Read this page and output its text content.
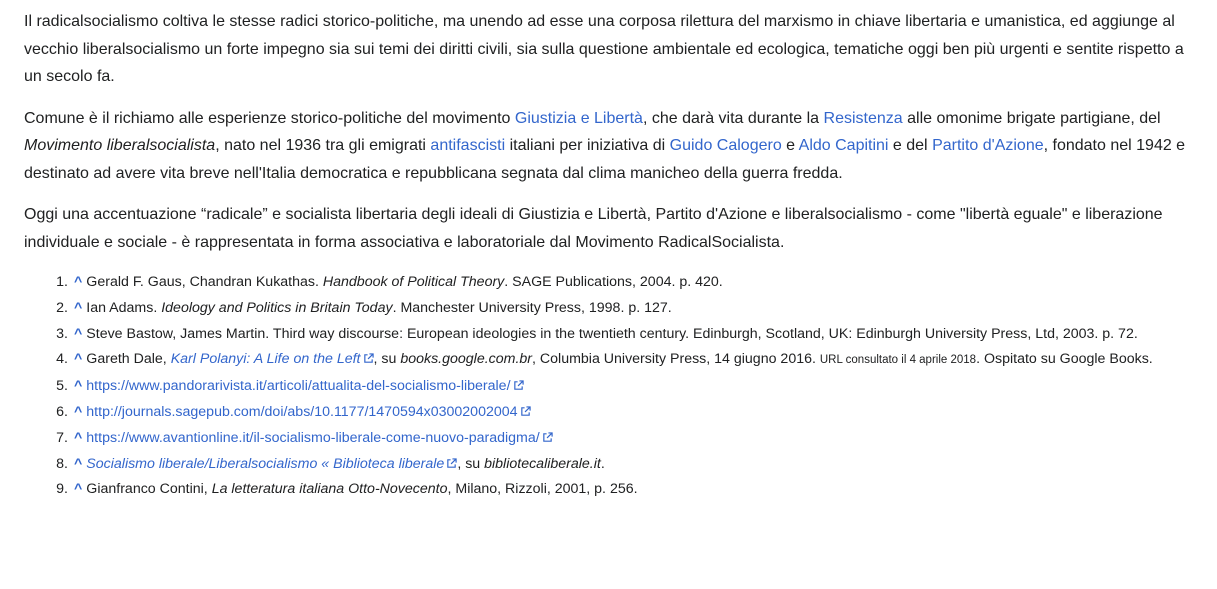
Il radicalsocialismo coltiva le stesse radici storico-politiche, ma unendo ad esse una corposa rilettura del marxismo in chiave libertaria e umanistica, ed aggiunge al vecchio liberalsocialismo un forte impegno sia sui temi dei diritti civili, sia sulla questione ambientale ed ecologica, tematiche oggi ben più urgenti e sentite rispetto a un secolo fa.

Comune è il richiamo alle esperienze storico-politiche del movimento Giustizia e Libertà, che darà vita durante la Resistenza alle omonime brigate partigiane, del Movimento liberalsocialista, nato nel 1936 tra gli emigrati antifascisti italiani per iniziativa di Guido Calogero e Aldo Capitini e del Partito d'Azione, fondato nel 1942 e destinato ad avere vita breve nell'Italia democratica e repubblicana segnata dal clima manicheo della guerra fredda.

Oggi una accentuazione “radicale” e socialista libertaria degli ideali di Giustizia e Libertà, Partito d'Azione e liberalsocialismo - come "libertà eguale" e liberazione individuale e sociale - è rappresentata in forma associativa e laboratoriale dal Movimento RadicalSocialista.

1. ^ Gerald F. Gaus, Chandran Kukathas. Handbook of Political Theory. SAGE Publications, 2004. p. 420.
2. ^ Ian Adams. Ideology and Politics in Britain Today. Manchester University Press, 1998. p. 127.
3. ^ Steve Bastow, James Martin. Third way discourse: European ideologies in the twentieth century. Edinburgh, Scotland, UK: Edinburgh University Press, Ltd, 2003. p. 72.
4. ^ Gareth Dale, Karl Polanyi: A Life on the Left , su books.google.com.br, Columbia University Press, 14 giugno 2016. URL consultato il 4 aprile 2018. Ospitato su Google Books.
5. ^ https://www.pandorarivista.it/articoli/attualita-del-socialismo-liberale/
6. ^ http://journals.sagepub.com/doi/abs/10.1177/1470594x03002002004
7. ^ https://www.avantionline.it/il-socialismo-liberale-come-nuovo-paradigma/
8. ^ Socialismo liberale/Liberalsocialismo « Biblioteca liberale , su bibliotecaliberale.it.
9. ^ Gianfranco Contini, La letteratura italiana Otto-Novecento, Milano, Rizzoli, 2001, p. 256.
